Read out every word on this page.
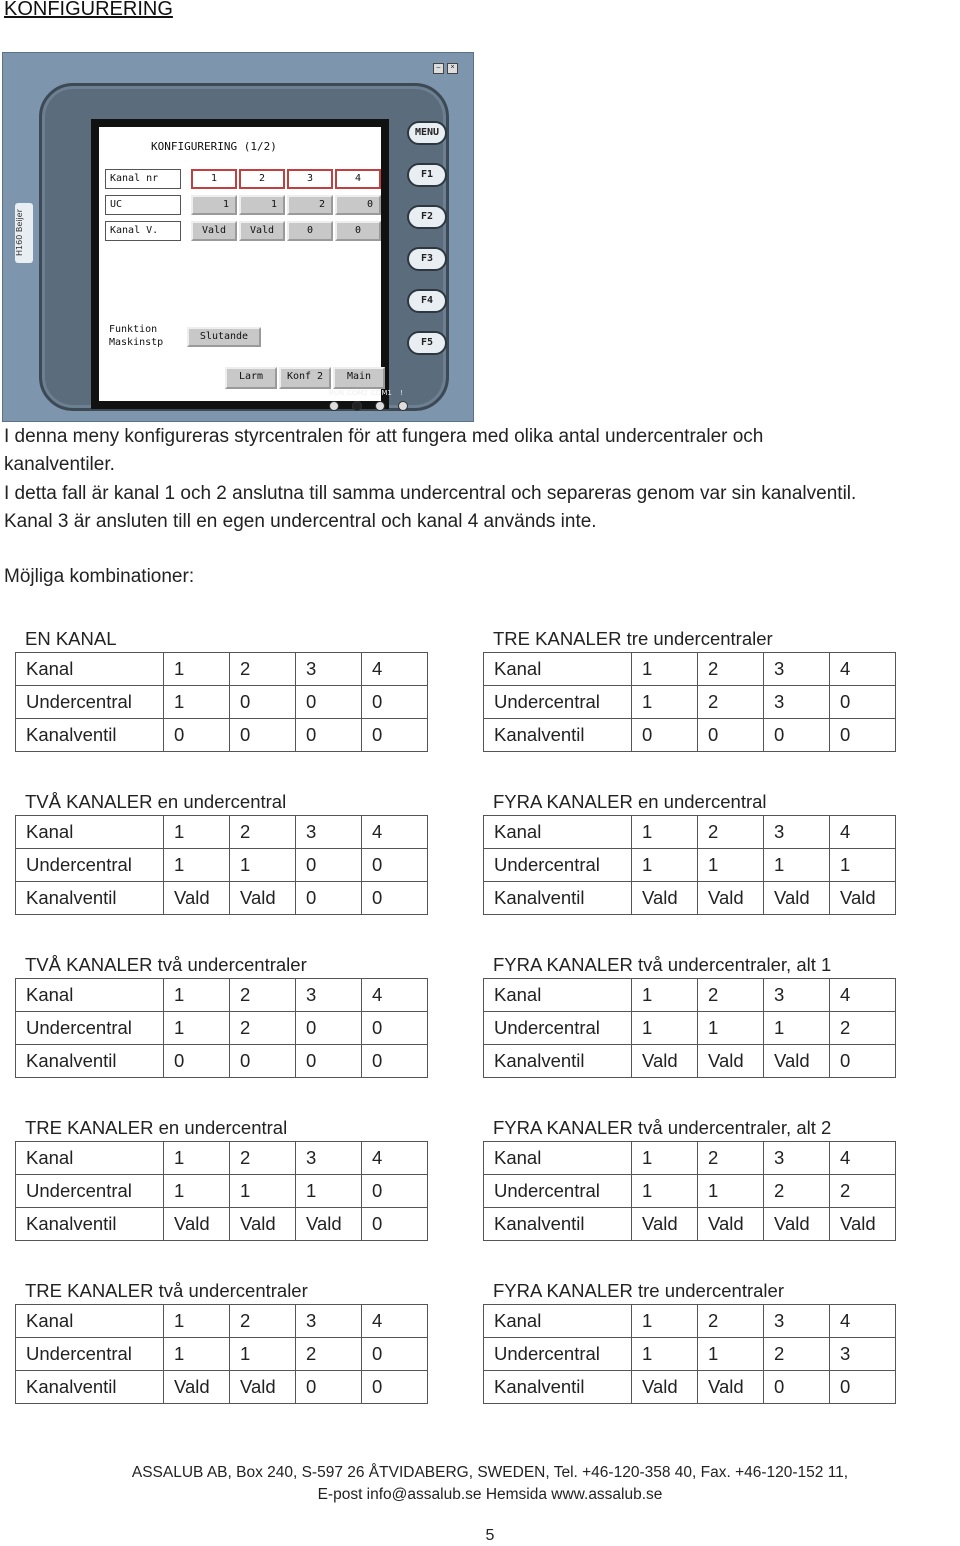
KONFIGURERING
–	×
H160 Beijer
KONFIGURERING (1/2)
Kanal nr	1	2	3	4
UC	1	1	2	0
Kanal V.	Vald	Vald	0	0
Funktion
Maskinstp
Slutande
Larm	Konf 2	Main
MENU
F1
F2
F3
F4
F5
RUN COM2 COM1 !
I denna meny konfigureras styrcentralen för att fungera med olika antal undercentraler och
kanalventiler.
I detta fall är kanal 1 och 2 anslutna till samma undercentral och separeras genom var sin kanalventil.
Kanal 3 är ansluten till en egen undercentral och kanal 4 används inte.
Möjliga kombinationer:
EN KANAL
Kanal	1	2	3	4
Undercentral	1	0	0	0
Kanalventil	0	0	0	0
TRE KANALER tre undercentraler
Kanal	1	2	3	4
Undercentral	1	2	3	0
Kanalventil	0	0	0	0
TVÅ KANALER en undercentral
Kanal	1	2	3	4
Undercentral	1	1	0	0
Kanalventil	Vald	Vald	0	0
FYRA KANALER en undercentral
Kanal	1	2	3	4
Undercentral	1	1	1	1
Kanalventil	Vald	Vald	Vald	Vald
TVÅ KANALER två undercentraler
Kanal	1	2	3	4
Undercentral	1	2	0	0
Kanalventil	0	0	0	0
FYRA KANALER två undercentraler, alt 1
Kanal	1	2	3	4
Undercentral	1	1	1	2
Kanalventil	Vald	Vald	Vald	0
TRE KANALER en undercentral
Kanal	1	2	3	4
Undercentral	1	1	1	0
Kanalventil	Vald	Vald	Vald	0
FYRA KANALER två undercentraler, alt 2
Kanal	1	2	3	4
Undercentral	1	1	2	2
Kanalventil	Vald	Vald	Vald	Vald
TRE KANALER två undercentraler
Kanal	1	2	3	4
Undercentral	1	1	2	0
Kanalventil	Vald	Vald	0	0
FYRA KANALER tre undercentraler
Kanal	1	2	3	4
Undercentral	1	1	2	3
Kanalventil	Vald	Vald	0	0
ASSALUB AB, Box 240, S-597 26 ÅTVIDABERG, SWEDEN, Tel. +46-120-358 40, Fax. +46-120-152 11,
E-post info@assalub.se Hemsida www.assalub.se
5
